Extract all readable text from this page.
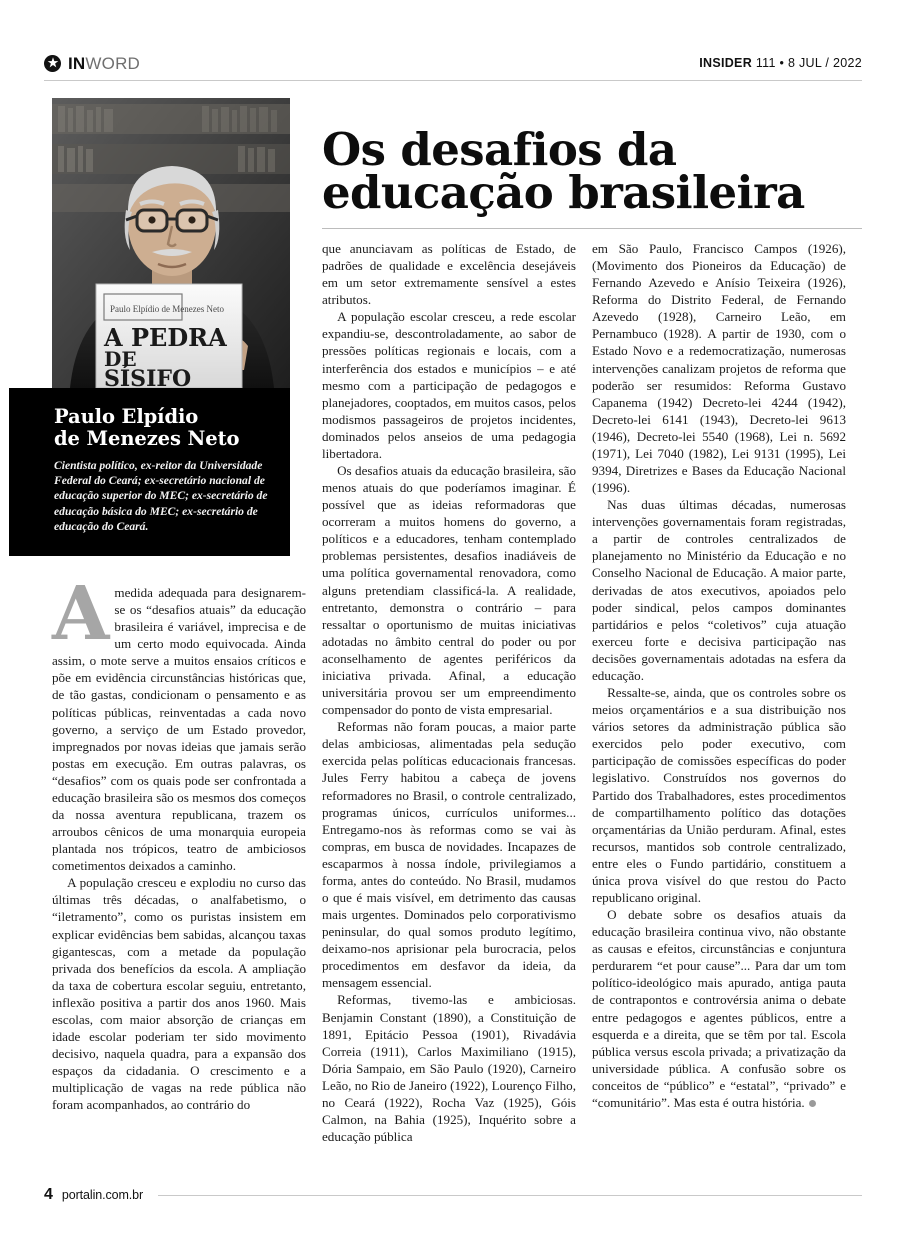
INWORD	INSIDER 111 • 8 JUL / 2022
Os desafios da
educação brasileira
Paulo Elpídio de Menezes Neto
A PEDRA
DE
SÍSIFO
Paulo Elpídio
de Menezes Neto
Cientista político, ex-reitor da Universidade Federal do Ceará; ex-secretário nacional de educação superior do MEC; ex-secretário de educação básica do MEC; ex-secretário de educação do Ceará.

Amedida adequada para designarem-se os “desafios atuais” da educação brasileira é variável, imprecisa e de um certo modo equivocada. Ainda assim, o mote serve a muitos ensaios críticos e põe em evidência circunstâncias históricas que, de tão gastas, condicionam o pensamento e as políticas públicas, reinventadas a cada novo governo, a serviço de um Estado provedor, impregnados por novas ideias que jamais serão postas em execução. Em outras palavras, os “desafios” com os quais pode ser confrontada a educação brasileira são os mesmos dos começos da nossa aventura republicana, trazem os arroubos cênicos de uma monarquia europeia plantada nos trópicos, teatro de ambiciosos cometimentos deixados a caminho.

A população cresceu e explodiu no curso das últimas três décadas, o analfabetismo, o “iletramento”, como os puristas insistem em explicar evidências bem sabidas, alcançou taxas gigantescas, com a metade da população privada dos benefícios da escola. A ampliação da taxa de cobertura escolar seguiu, entretanto, inflexão positiva a partir dos anos 1960. Mais escolas, com maior absorção de crianças em idade escolar poderiam ter sido movimento decisivo, naquela quadra, para a expansão dos espaços da cidadania. O crescimento e a multiplicação de vagas na rede pública não foram acompanhados, ao contrário do

que anunciavam as políticas de Estado, de padrões de qualidade e excelência desejáveis em um setor extremamente sensível a estes atributos.

A população escolar cresceu, a rede escolar expandiu-se, descontroladamente, ao sabor de pressões políticas regionais e locais, com a interferência dos estados e municípios – e até mesmo com a participação de pedagogos e planejadores, cooptados, em muitos casos, pelos modismos passageiros de projetos incidentes, dominados pelos anseios de uma pedagogia libertadora.

Os desafios atuais da educação brasileira, são menos atuais do que poderíamos imaginar. É possível que as ideias reformadoras que ocorreram a muitos homens do governo, a políticos e a educadores, tenham contemplado problemas persistentes, desafios inadiáveis de uma política governamental renovadora, como alguns pretendiam classificá-la. A realidade, entretanto, demonstra o contrário – para ressaltar o oportunismo de muitas iniciativas adotadas no âmbito central do poder ou por aconselhamento de agentes periféricos da iniciativa privada. Afinal, a educação universitária provou ser um empreendimento compensador do ponto de vista empresarial.

Reformas não foram poucas, a maior parte delas ambiciosas, alimentadas pela sedução exercida pelas políticas educacionais francesas. Jules Ferry habitou a cabeça de jovens reformadores no Brasil, o controle centralizado, programas únicos, currículos uniformes... Entregamo-nos às reformas como se vai às compras, em busca de novidades. Incapazes de escaparmos à nossa índole, privilegiamos a forma, antes do conteúdo. No Brasil, mudamos o que é mais visível, em detrimento das causas mais urgentes. Dominados pelo corporativismo peninsular, do qual somos produto legítimo, deixamo-nos aprisionar pela burocracia, pelos procedimentos em desfavor da ideia, da mensagem essencial.

Reformas, tivemo-las e ambiciosas. Benjamin Constant (1890), a Constituição de 1891, Epitácio Pessoa (1901), Rivadávia Correia (1911), Carlos Maximiliano (1915), Dória Sampaio, em São Paulo (1920), Carneiro Leão, no Rio de Janeiro (1922), Lourenço Filho, no Ceará (1922), Rocha Vaz (1925), Góis Calmon, na Bahia (1925), Inquérito sobre a educação pública

em São Paulo, Francisco Campos (1926), (Movimento dos Pioneiros da Educação) de Fernando Azevedo e Anísio Teixeira (1926), Reforma do Distrito Federal, de Fernando Azevedo (1928), Carneiro Leão, em Pernambuco (1928). A partir de 1930, com o Estado Novo e a redemocratização, numerosas intervenções canalizam projetos de reforma que poderão ser resumidos: Reforma Gustavo Capanema (1942) Decreto-lei 4244 (1942), Decreto-lei 6141 (1943), Decreto-lei 9613 (1946), Decreto-lei 5540 (1968), Lei n. 5692 (1971), Lei 7040 (1982), Lei 9131 (1995), Lei 9394, Diretrizes e Bases da Educação Nacional (1996).

Nas duas últimas décadas, numerosas intervenções governamentais foram registradas, a partir de controles centralizados de planejamento no Ministério da Educação e no Conselho Nacional de Educação. A maior parte, derivadas de atos executivos, apoiados pelo poder sindical, pelos campos dominantes partidários e pelos “coletivos” cuja atuação exerceu forte e decisiva participação nas decisões governamentais adotadas na esfera da educação.

Ressalte-se, ainda, que os controles sobre os meios orçamentários e a sua distribuição nos vários setores da administração pública são exercidos pelo poder executivo, com participação de comissões específicas do poder legislativo. Construídos nos governos do Partido dos Trabalhadores, estes procedimentos de compartilhamento político das dotações orçamentárias da União perduram. Afinal, estes recursos, mantidos sob controle centralizado, entre eles o Fundo partidário, constituem a única prova visível do que restou do Pacto republicano original.

O debate sobre os desafios atuais da educação brasileira continua vivo, não obstante as causas e efeitos, circunstâncias e conjuntura perdurarem “et pour cause”... Para dar um tom político-ideológico mais apurado, antiga pauta de contrapontos e controvérsia anima o debate entre pedagogos e agentes públicos, entre a esquerda e a direita, que se têm por tal. Escola pública versus escola privada; a privatização da universidade pública. A confusão sobre os conceitos de “público” e “estatal”, “privado” e “comunitário”. Mas esta é outra história.

4 portalin.com.br
